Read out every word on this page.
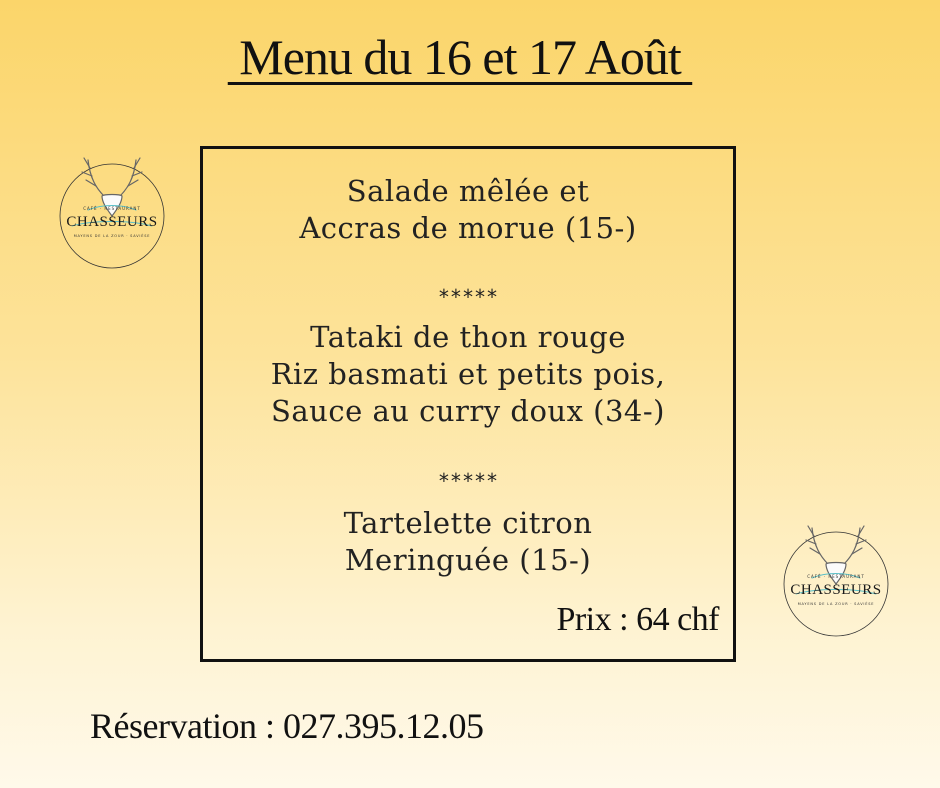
Menu du 16 et 17 Août
CAFÉ · RESTAURANT
CHASSEURS
MAYENS DE LA ZOUR · SAVIÈSE
Salade mêlée et
Accras de morue (15-)
*****
Tataki de thon rouge
Riz basmati et petits pois,
Sauce au curry doux (34-)
*****
Tartelette citron
Meringuée (15-)
Prix : 64 chf
CAFÉ · RESTAURANT
CHASSEURS
MAYENS DE LA ZOUR · SAVIÈSE
Réservation : 027.395.12.05
